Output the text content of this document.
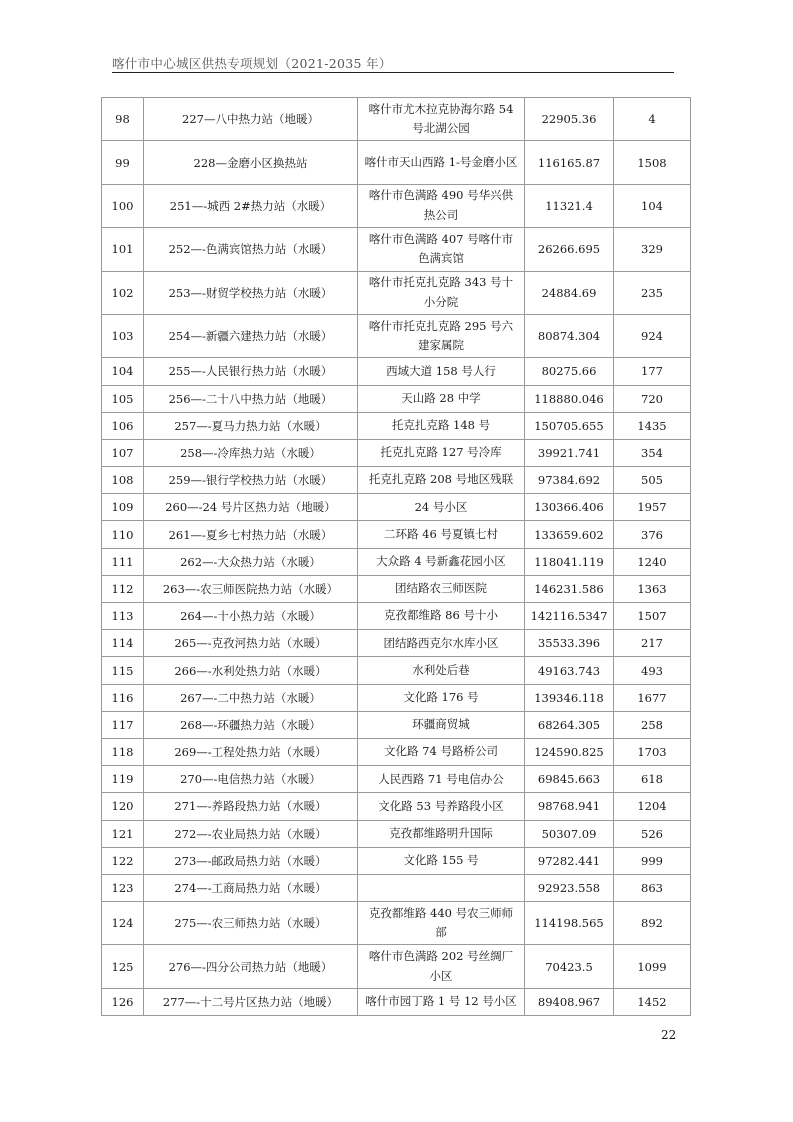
喀什市中心城区供热专项规划（2021-2035 年）
98	227—八中热力站（地暖）	喀什市尤木拉克协海尔路 54 号北湖公园	22905.36	4
99	228—金磨小区换热站	喀什市天山西路 1-号金磨小区	116165.87	1508
100	251—-城西 2#热力站（水暖）	喀什市色满路 490 号华兴供热公司	11321.4	104
101	252—-色满宾馆热力站（水暖）	喀什市色满路 407 号喀什市色满宾馆	26266.695	329
102	253—-财贸学校热力站（水暖）	喀什市托克扎克路 343 号十小分院	24884.69	235
103	254—-新疆六建热力站（水暖）	喀什市托克扎克路 295 号六建家属院	80874.304	924
104	255—-人民银行热力站（水暖）	西域大道 158 号人行	80275.66	177
105	256—-二十八中热力站（地暖）	天山路 28 中学	118880.046	720
106	257—-夏马力热力站（水暖）	托克扎克路 148 号	150705.655	1435
107	258—-冷库热力站（水暖）	托克扎克路 127 号冷库	39921.741	354
108	259—-银行学校热力站（水暖）	托克扎克路 208 号地区残联	97384.692	505
109	260—-24 号片区热力站（地暖）	24 号小区	130366.406	1957
110	261—-夏乡七村热力站（水暖）	二环路 46 号夏镇七村	133659.602	376
111	262—-大众热力站（水暖）	大众路 4 号新鑫花园小区	118041.119	1240
112	263—-农三师医院热力站（水暖）	团结路农三师医院	146231.586	1363
113	264—-十小热力站（水暖）	克孜都维路 86 号十小	142116.5347	1507
114	265—-克孜河热力站（水暖）	团结路西克尔水库小区	35533.396	217
115	266—-水利处热力站（水暖）	水利处后巷	49163.743	493
116	267—-二中热力站（水暖）	文化路 176 号	139346.118	1677
117	268—-环疆热力站（水暖）	环疆商贸城	68264.305	258
118	269—-工程处热力站（水暖）	文化路 74 号路桥公司	124590.825	1703
119	270—-电信热力站（水暖）	人民西路 71 号电信办公	69845.663	618
120	271—-养路段热力站（水暖）	文化路 53 号养路段小区	98768.941	1204
121	272—-农业局热力站（水暖）	克孜都维路明升国际	50307.09	526
122	273—-邮政局热力站（水暖）	文化路 155 号	97282.441	999
123	274—-工商局热力站（水暖）		92923.558	863
124	275—-农三师热力站（水暖）	克孜都维路 440 号农三师师部	114198.565	892
125	276—-四分公司热力站（地暖）	喀什市色满路 202 号丝绸厂小区	70423.5	1099
126	277—-十二号片区热力站（地暖）	喀什市园丁路 1 号 12 号小区	89408.967	1452
22
